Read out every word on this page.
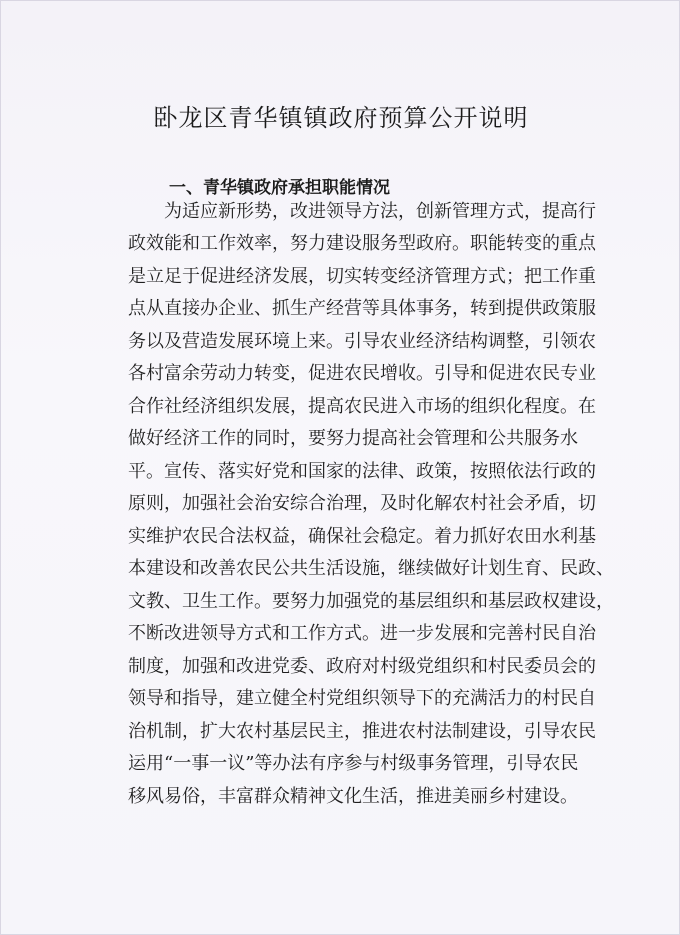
卧龙区青华镇镇政府预算公开说明
一、青华镇政府承担职能情况

　　为适应新形势，改进领导方法，创新管理方式，提高行

政效能和工作效率，努力建设服务型政府。职能转变的重点

是立足于促进经济发展，切实转变经济管理方式；把工作重

点从直接办企业、抓生产经营等具体事务，转到提供政策服

务以及营造发展环境上来。引导农业经济结构调整，引领农

各村富余劳动力转变，促进农民增收。引导和促进农民专业

合作社经济组织发展，提高农民进入市场的组织化程度。在

做好经济工作的同时，要努力提高社会管理和公共服务水

平。宣传、落实好党和国家的法律、政策，按照依法行政的

原则，加强社会治安综合治理，及时化解农村社会矛盾，切

实维护农民合法权益，确保社会稳定。着力抓好农田水利基

本建设和改善农民公共生活设施，继续做好计划生育、民政、

文教、卫生工作。要努力加强党的基层组织和基层政权建设，

不断改进领导方式和工作方式。进一步发展和完善村民自治

制度，加强和改进党委、政府对村级党组织和村民委员会的

领导和指导，建立健全村党组织领导下的充满活力的村民自

治机制，扩大农村基层民主，推进农村法制建设，引导农民

运用“一事一议”等办法有序参与村级事务管理，引导农民

移风易俗，丰富群众精神文化生活，推进美丽乡村建设。
